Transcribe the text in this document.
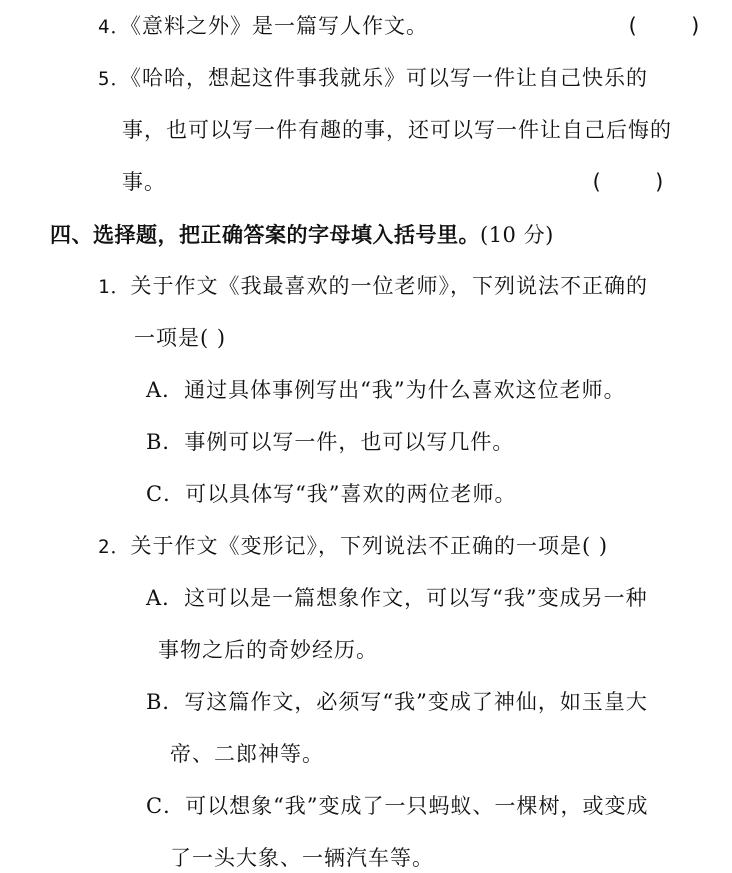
4．《意料之外》是一篇写人作文。	(    )
5．《哈哈，想起这件事我就乐》可以写一件让自己快乐的
事，也可以写一件有趣的事，还可以写一件让自己后悔的
事。	(    )
四、选择题，把正确答案的字母填入括号里。(10 分)
1．关于作文《我最喜欢的一位老师》，下列说法不正确的
一项是( )
A．通过具体事例写出“我”为什么喜欢这位老师。
B．事例可以写一件，也可以写几件。
C．可以具体写“我”喜欢的两位老师。
2．关于作文《变形记》，下列说法不正确的一项是( )
A．这可以是一篇想象作文，可以写“我”变成另一种
事物之后的奇妙经历。
B．写这篇作文，必须写“我”变成了神仙，如玉皇大
帝、二郎神等。
C．可以想象“我”变成了一只蚂蚁、一棵树，或变成
了一头大象、一辆汽车等。
